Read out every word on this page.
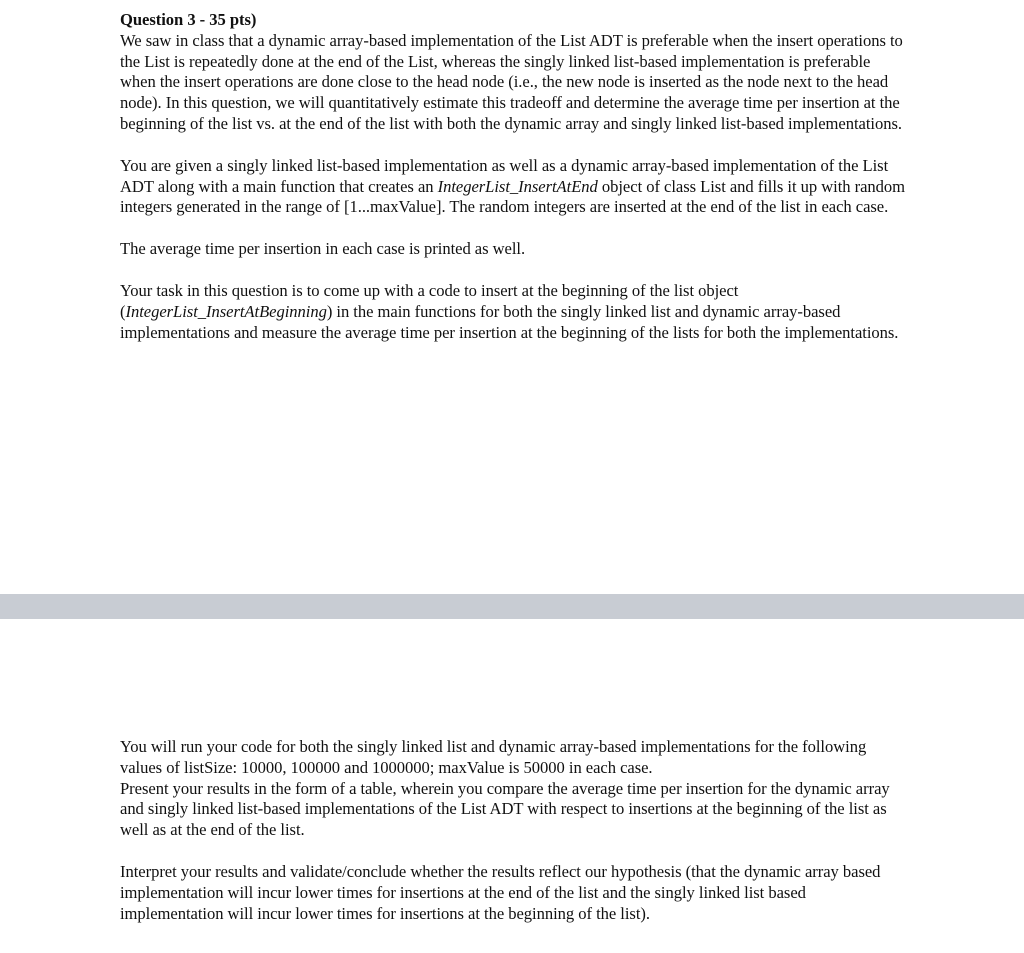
Question 3 - 35 pts)

We saw in class that a dynamic array-based implementation of the List ADT is preferable when the insert operations to the List is repeatedly done at the end of the List, whereas the singly linked list-based implementation is preferable when the insert operations are done close to the head node (i.e., the new node is inserted as the node next to the head node). In this question, we will quantitatively estimate this tradeoff and determine the average time per insertion at the beginning of the list vs. at the end of the list with both the dynamic array and singly linked list-based implementations.

You are given a singly linked list-based implementation as well as a dynamic array-based implementation of the List ADT along with a main function that creates an IntegerList_InsertAtEnd object of class List and fills it up with random integers generated in the range of [1...maxValue]. The random integers are inserted at the end of the list in each case.

The average time per insertion in each case is printed as well.

Your task in this question is to come up with a code to insert at the beginning of the list object (IntegerList_InsertAtBeginning) in the main functions for both the singly linked list and dynamic array-based implementations and measure the average time per insertion at the beginning of the lists for both the implementations.

You will run your code for both the singly linked list and dynamic array-based implementations for the following values of listSize: 10000, 100000 and 1000000; maxValue is 50000 in each case.

Present your results in the form of a table, wherein you compare the average time per insertion for the dynamic array and singly linked list-based implementations of the List ADT with respect to insertions at the beginning of the list as well as at the end of the list.

Interpret your results and validate/conclude whether the results reflect our hypothesis (that the dynamic array based implementation will incur lower times for insertions at the end of the list and the singly linked list based implementation will incur lower times for insertions at the beginning of the list).
